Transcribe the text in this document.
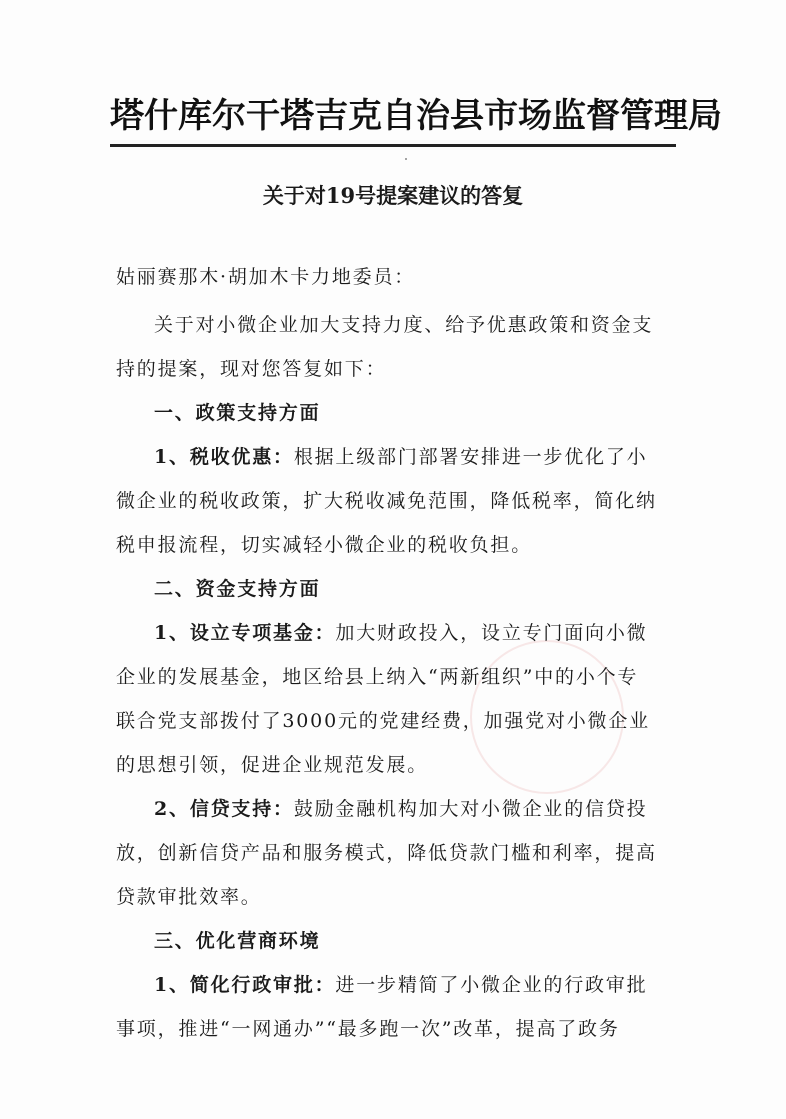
塔什库尔干塔吉克自治县市场监督管理局
关于对19号提案建议的答复
姑丽赛那木·胡加木卡力地委员：
关于对小微企业加大支持力度、给予优惠政策和资金支
持的提案，现对您答复如下：
一、政策支持方面
1、税收优惠：根据上级部门部署安排进一步优化了小
微企业的税收政策，扩大税收减免范围，降低税率，简化纳
税申报流程，切实减轻小微企业的税收负担。
二、资金支持方面
1、设立专项基金：加大财政投入，设立专门面向小微
企业的发展基金，地区给县上纳入“两新组织”中的小个专
联合党支部拨付了3000元的党建经费，加强党对小微企业
的思想引领，促进企业规范发展。
2、信贷支持：鼓励金融机构加大对小微企业的信贷投
放，创新信贷产品和服务模式，降低贷款门槛和利率，提高
贷款审批效率。
三、优化营商环境
1、简化行政审批：进一步精简了小微企业的行政审批
事项，推进“一网通办”“最多跑一次”改革，提高了政务
